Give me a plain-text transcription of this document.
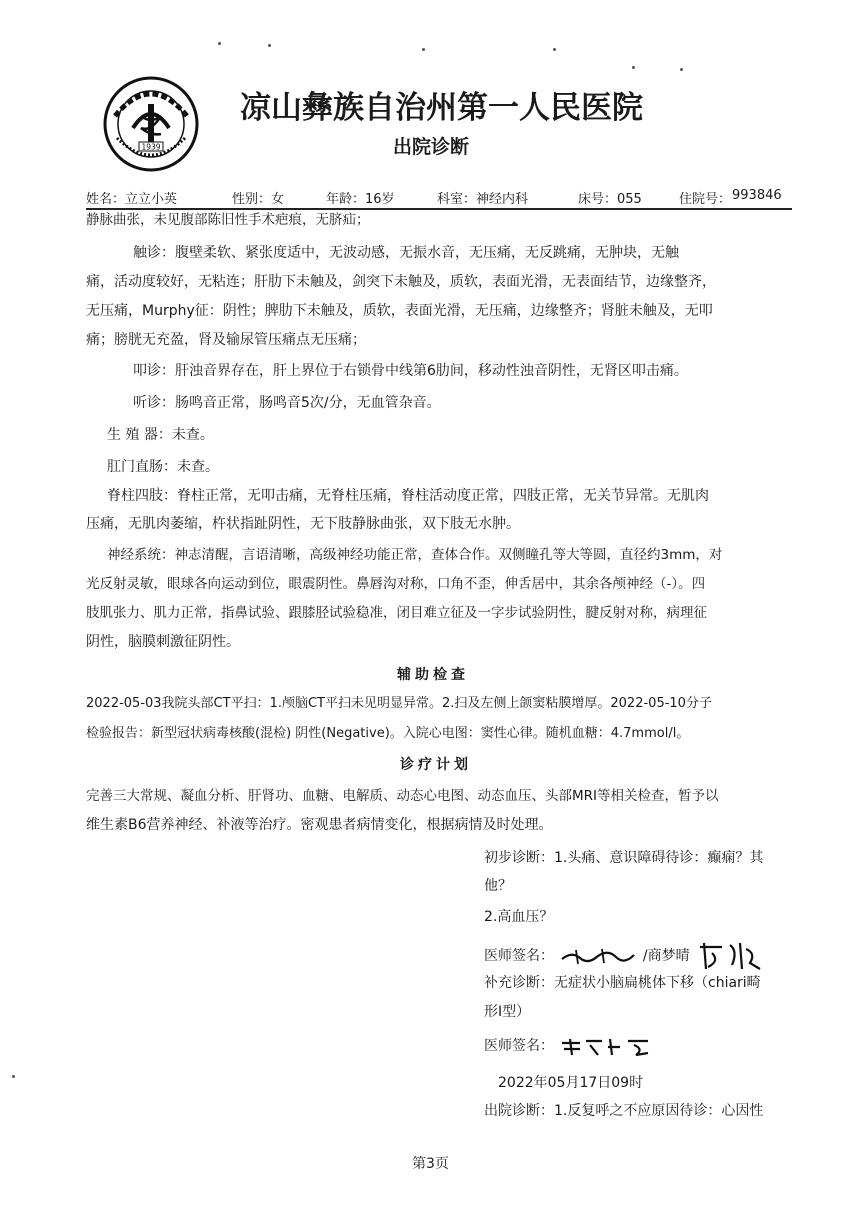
1939
凉山彝族自治州第一人民医院
出院诊断
姓名：立立小英	性别：女	年龄：16岁	科室：神经内科	床号：055	住院号： 993846
静脉曲张，未见腹部陈旧性手术疤痕，无脐疝；
触诊：腹壁柔软、紧张度适中，无波动感，无振水音，无压痛，无反跳痛，无肿块，无触
痛，活动度较好，无粘连；肝肋下未触及，剑突下未触及，质软，表面光滑，无表面结节，边缘整齐，
无压痛，Murphy征：阴性；脾肋下未触及，质软，表面光滑，无压痛，边缘整齐；肾脏未触及，无叩
痛；膀胱无充盈，肾及输尿管压痛点无压痛；
叩诊：肝浊音界存在，肝上界位于右锁骨中线第6肋间，移动性浊音阴性，无肾区叩击痛。
听诊：肠鸣音正常，肠鸣音5次/分，无血管杂音。
生 殖 器：未查。
肛门直肠：未查。
脊柱四肢：脊柱正常，无叩击痛，无脊柱压痛，脊柱活动度正常，四肢正常，无关节异常。无肌肉
压痛，无肌肉萎缩，杵状指趾阴性，无下肢静脉曲张，双下肢无水肿。
神经系统：神志清醒，言语清晰，高级神经功能正常，查体合作。双侧瞳孔等大等圆，直径约3mm，对
光反射灵敏，眼球各向运动到位，眼震阴性。鼻唇沟对称，口角不歪，伸舌居中，其余各颅神经（-）。四
肢肌张力、肌力正常，指鼻试验、跟膝胫试验稳准，闭目难立征及一字步试验阴性，腱反射对称，病理征
阴性，脑膜刺激征阴性。
辅助检查
2022-05-03我院头部CT平扫：1.颅脑CT平扫未见明显异常。2.扫及左侧上颌窦粘膜增厚。2022-05-10分子
检验报告：新型冠状病毒核酸(混检) 阴性(Negative)。入院心电图：窦性心律。随机血糖：4.7mmol/l。
诊疗计划
完善三大常规、凝血分析、肝肾功、血糖、电解质、动态心电图、动态血压、头部MRI等相关检查，暂予以
维生素B6营养神经、补液等治疗。密观患者病情变化，根据病情及时处理。
初步诊断：1.头痛、意识障碍待诊：癫痫？其
他？
2.高血压？
医师签名：	/商梦晴
补充诊断：无症状小脑扁桃体下移（chiari畸
形I型）
医师签名：
2022年05月17日09时
出院诊断：1.反复呼之不应原因待诊：心因性
第3页
